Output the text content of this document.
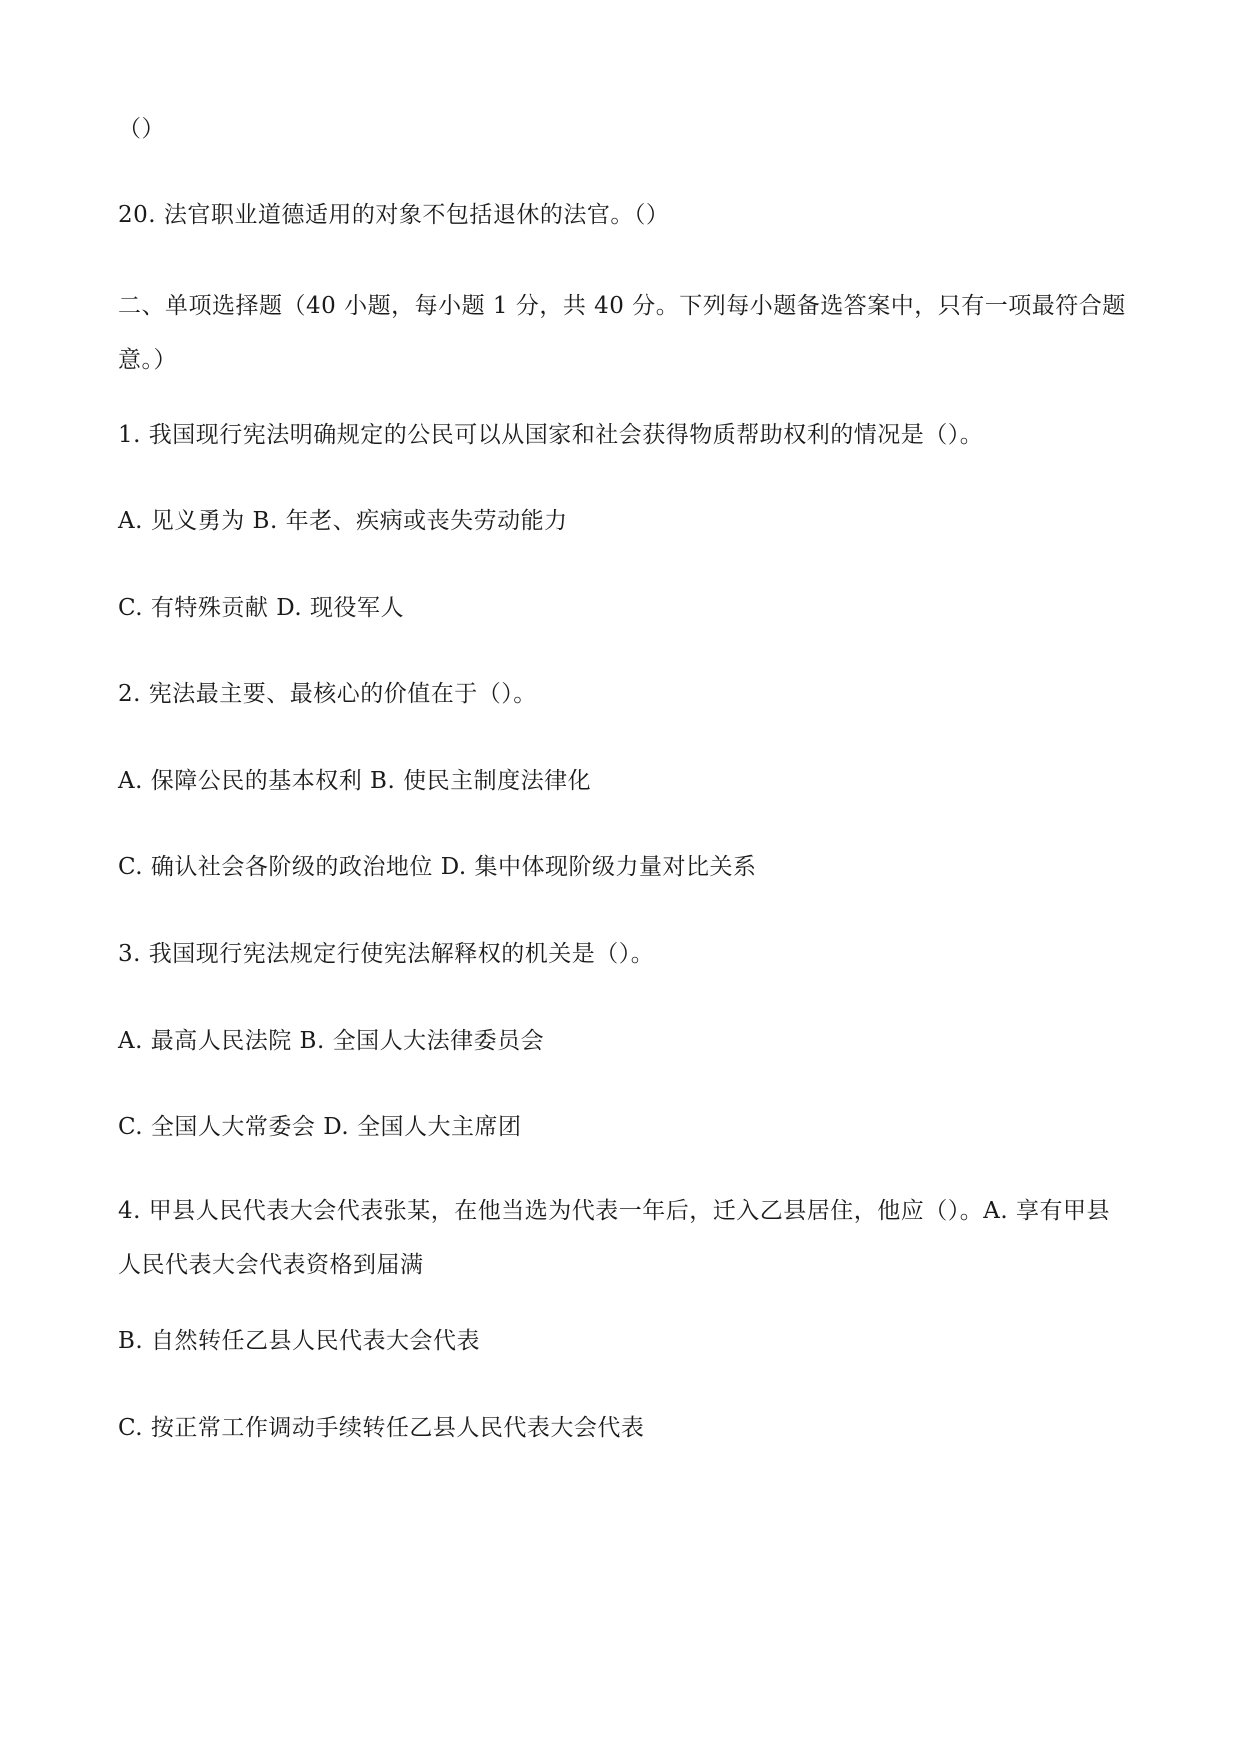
（）
20. 法官职业道德适用的对象不包括退休的法官。（）
二、单项选择题（40 小题，每小题 1 分，共 40 分。下列每小题备选答案中，只有一项最符合题意。）
1. 我国现行宪法明确规定的公民可以从国家和社会获得物质帮助权利的情况是（）。
A. 见义勇为 B. 年老、疾病或丧失劳动能力
C. 有特殊贡献 D. 现役军人
2. 宪法最主要、最核心的价值在于（）。
A. 保障公民的基本权利 B. 使民主制度法律化
C. 确认社会各阶级的政治地位 D. 集中体现阶级力量对比关系
3. 我国现行宪法规定行使宪法解释权的机关是（）。
A. 最高人民法院 B. 全国人大法律委员会
C. 全国人大常委会 D. 全国人大主席团
4. 甲县人民代表大会代表张某，在他当选为代表一年后，迁入乙县居住，他应（）。A. 享有甲县人民代表大会代表资格到届满
B. 自然转任乙县人民代表大会代表
C. 按正常工作调动手续转任乙县人民代表大会代表
